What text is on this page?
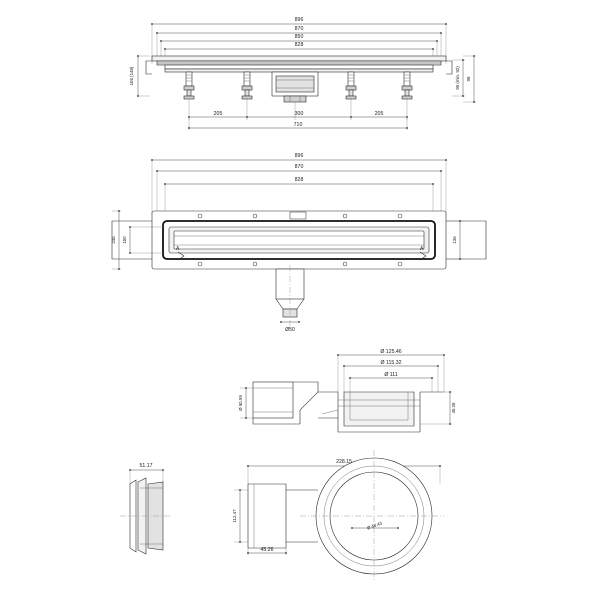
896
870
850
828
105 (148)	90 (min. 92) 98
205	300	205
710
896
870
828
100
246	136
Ø50
A	A
Ø 125.46
Ø 115.32
Ø 111
Ø 50.99	45.28
51.17
228.15
112.47
45.26
Ø 48.43
